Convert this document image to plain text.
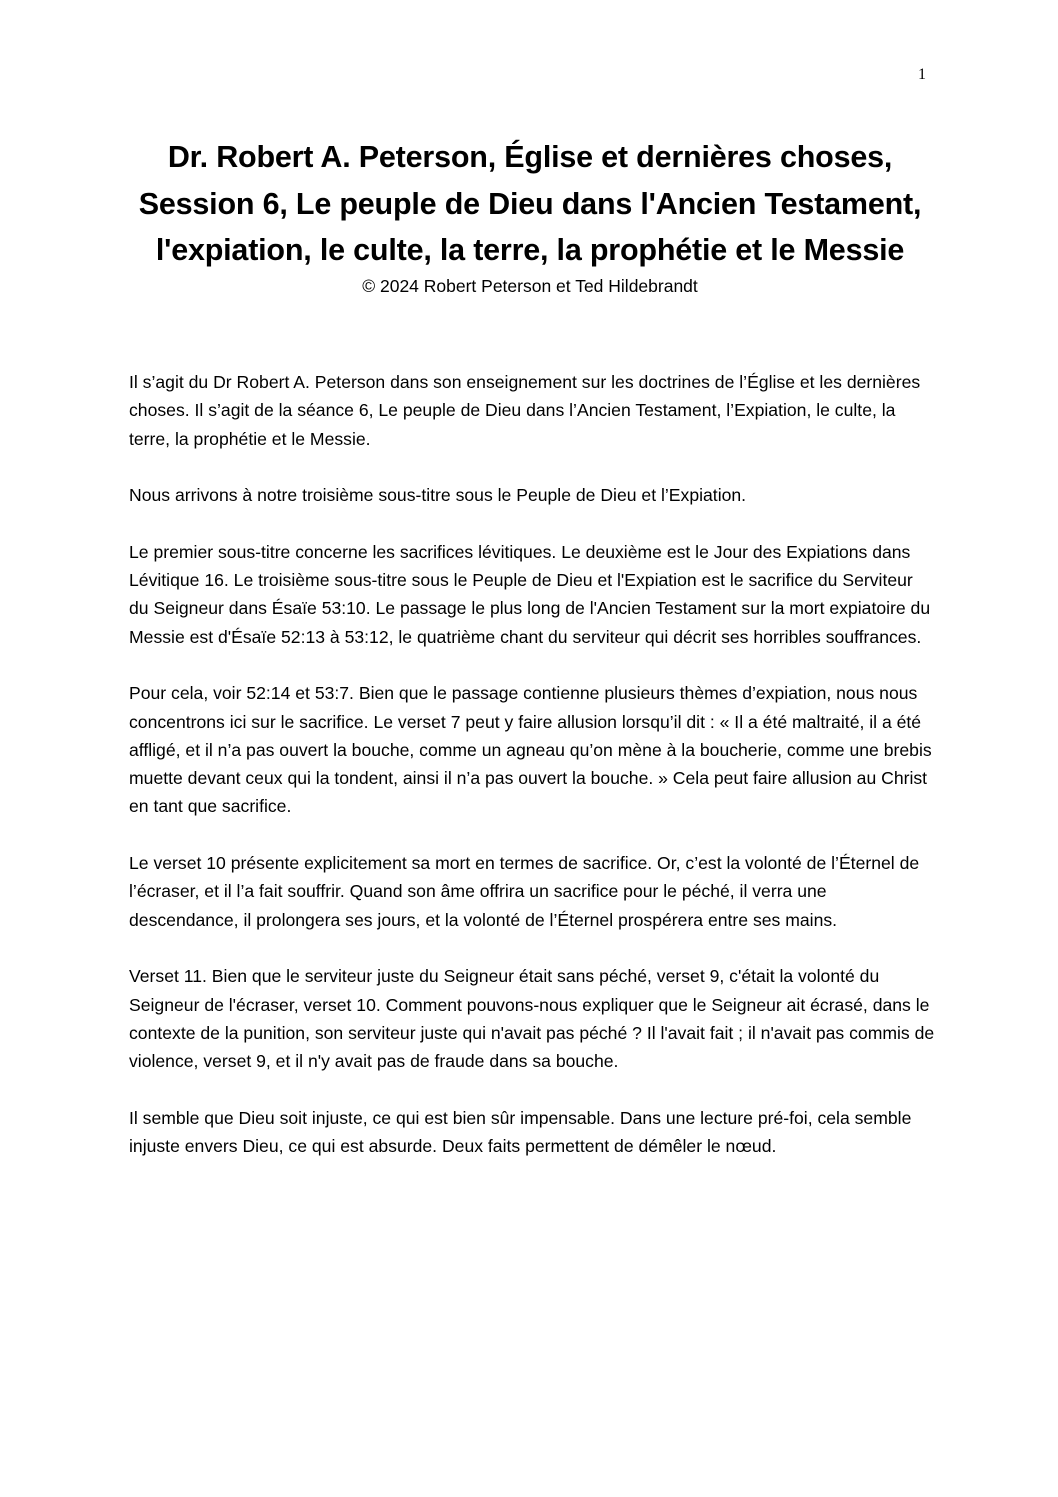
1
Dr. Robert A. Peterson, Église et dernières choses, Session 6, Le peuple de Dieu dans l'Ancien Testament, l'expiation, le culte, la terre, la prophétie et le Messie

© 2024 Robert Peterson et Ted Hildebrandt

Il s’agit du Dr Robert A. Peterson dans son enseignement sur les doctrines de l’Église et les dernières choses. Il s’agit de la séance 6, Le peuple de Dieu dans l’Ancien Testament, l’Expiation, le culte, la terre, la prophétie et le Messie.

Nous arrivons à notre troisième sous-titre sous le Peuple de Dieu et l’Expiation.

Le premier sous-titre concerne les sacrifices lévitiques. Le deuxième est le Jour des Expiations dans Lévitique 16. Le troisième sous-titre sous le Peuple de Dieu et l'Expiation est le sacrifice du Serviteur du Seigneur dans Ésaïe 53:10. Le passage le plus long de l'Ancien Testament sur la mort expiatoire du Messie est d'Ésaïe 52:13 à 53:12, le quatrième chant du serviteur qui décrit ses horribles souffrances.

Pour cela, voir 52:14 et 53:7. Bien que le passage contienne plusieurs thèmes d’expiation, nous nous concentrons ici sur le sacrifice. Le verset 7 peut y faire allusion lorsqu’il dit : « Il a été maltraité, il a été affligé, et il n’a pas ouvert la bouche, comme un agneau qu’on mène à la boucherie, comme une brebis muette devant ceux qui la tondent, ainsi il n’a pas ouvert la bouche. » Cela peut faire allusion au Christ en tant que sacrifice.

Le verset 10 présente explicitement sa mort en termes de sacrifice. Or, c’est la volonté de l’Éternel de l’écraser, et il l’a fait souffrir. Quand son âme offrira un sacrifice pour le péché, il verra une descendance, il prolongera ses jours, et la volonté de l’Éternel prospérera entre ses mains.

Verset 11. Bien que le serviteur juste du Seigneur était sans péché, verset 9, c'était la volonté du Seigneur de l'écraser, verset 10. Comment pouvons-nous expliquer que le Seigneur ait écrasé, dans le contexte de la punition, son serviteur juste qui n'avait pas péché ? Il l'avait fait ; il n'avait pas commis de violence, verset 9, et il n'y avait pas de fraude dans sa bouche.

Il semble que Dieu soit injuste, ce qui est bien sûr impensable. Dans une lecture pré-foi, cela semble injuste envers Dieu, ce qui est absurde. Deux faits permettent de démêler le nœud.
